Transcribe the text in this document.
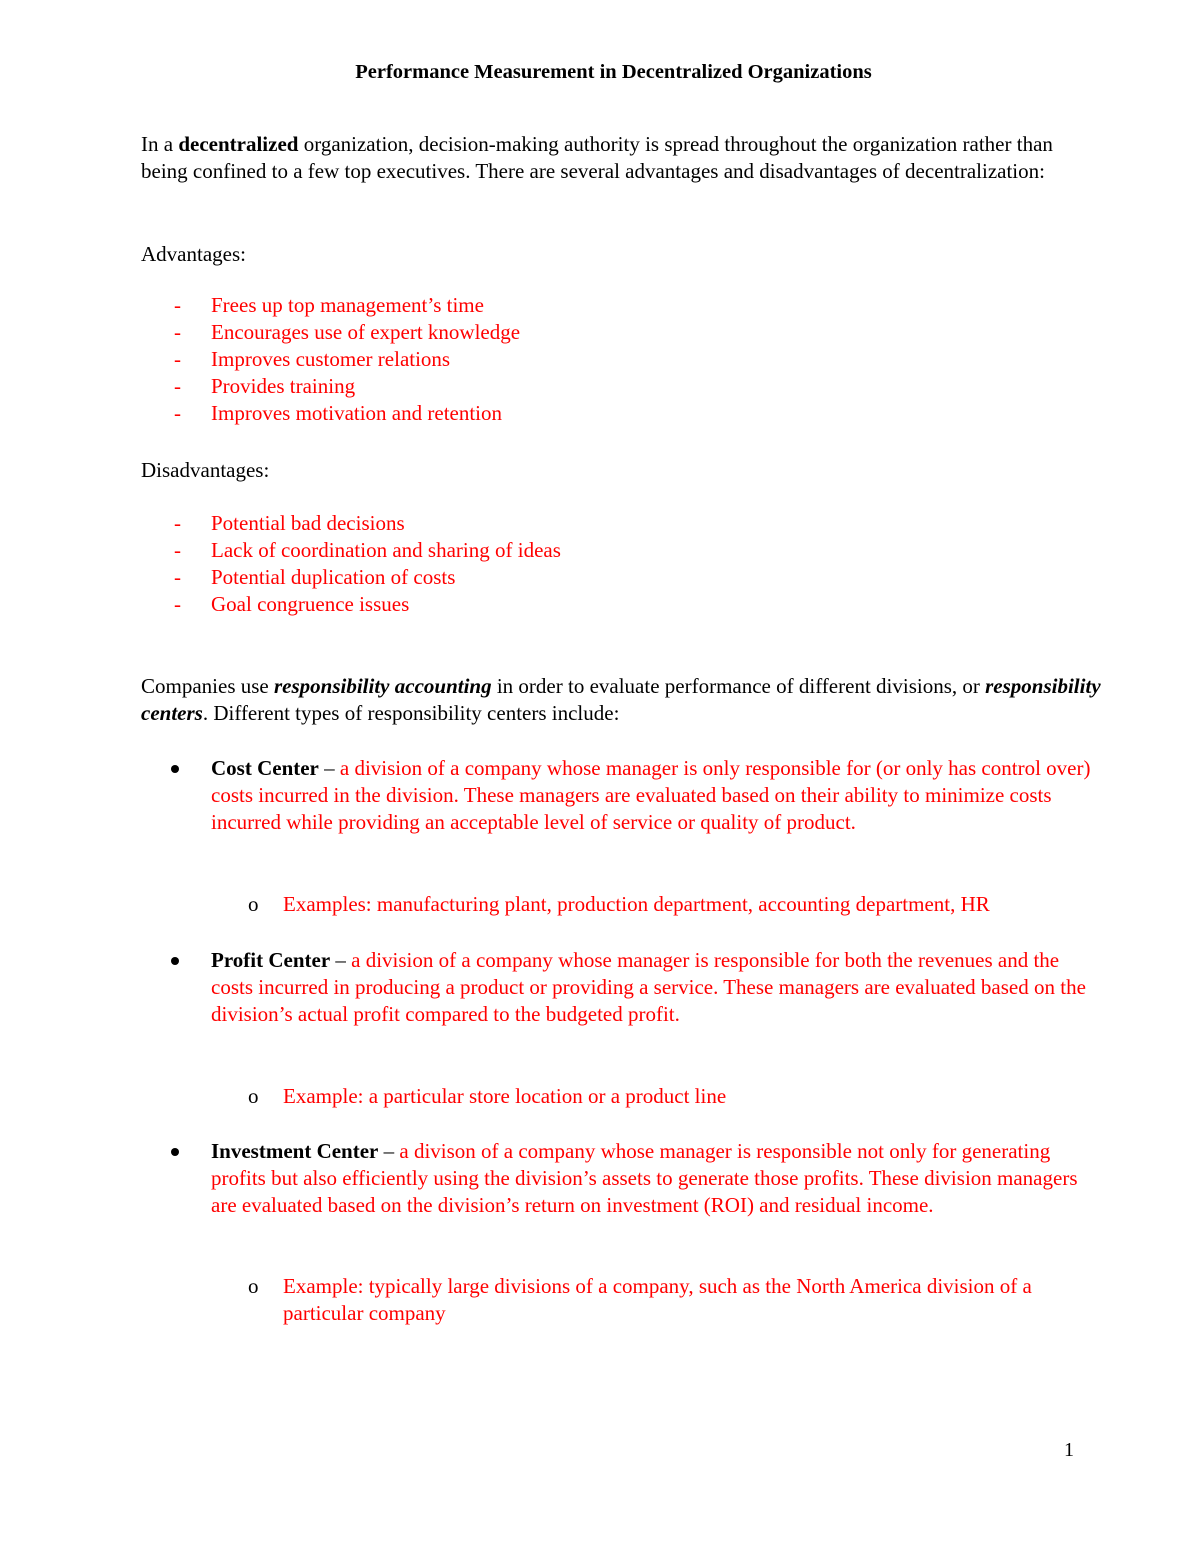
Performance Measurement in Decentralized Organizations
In a decentralized organization, decision-making authority is spread throughout the organization rather than being confined to a few top executives. There are several advantages and disadvantages of decentralization:
Advantages:
- Frees up top management’s time
- Encourages use of expert knowledge
- Improves customer relations
- Provides training
- Improves motivation and retention
Disadvantages:
- Potential bad decisions
- Lack of coordination and sharing of ideas
- Potential duplication of costs
- Goal congruence issues
Companies use responsibility accounting in order to evaluate performance of different divisions, or responsibility centers. Different types of responsibility centers include:
Cost Center – a division of a company whose manager is only responsible for (or only has control over) costs incurred in the division. These managers are evaluated based on their ability to minimize costs incurred while providing an acceptable level of service or quality of product.
o Examples: manufacturing plant, production department, accounting department, HR
Profit Center – a division of a company whose manager is responsible for both the revenues and the costs incurred in producing a product or providing a service. These managers are evaluated based on the division’s actual profit compared to the budgeted profit.
o Example: a particular store location or a product line
Investment Center – a divison of a company whose manager is responsible not only for generating profits but also efficiently using the division’s assets to generate those profits. These division managers are evaluated based on the division’s return on investment (ROI) and residual income.
o Example: typically large divisions of a company, such as the North America division of a particular company
1
